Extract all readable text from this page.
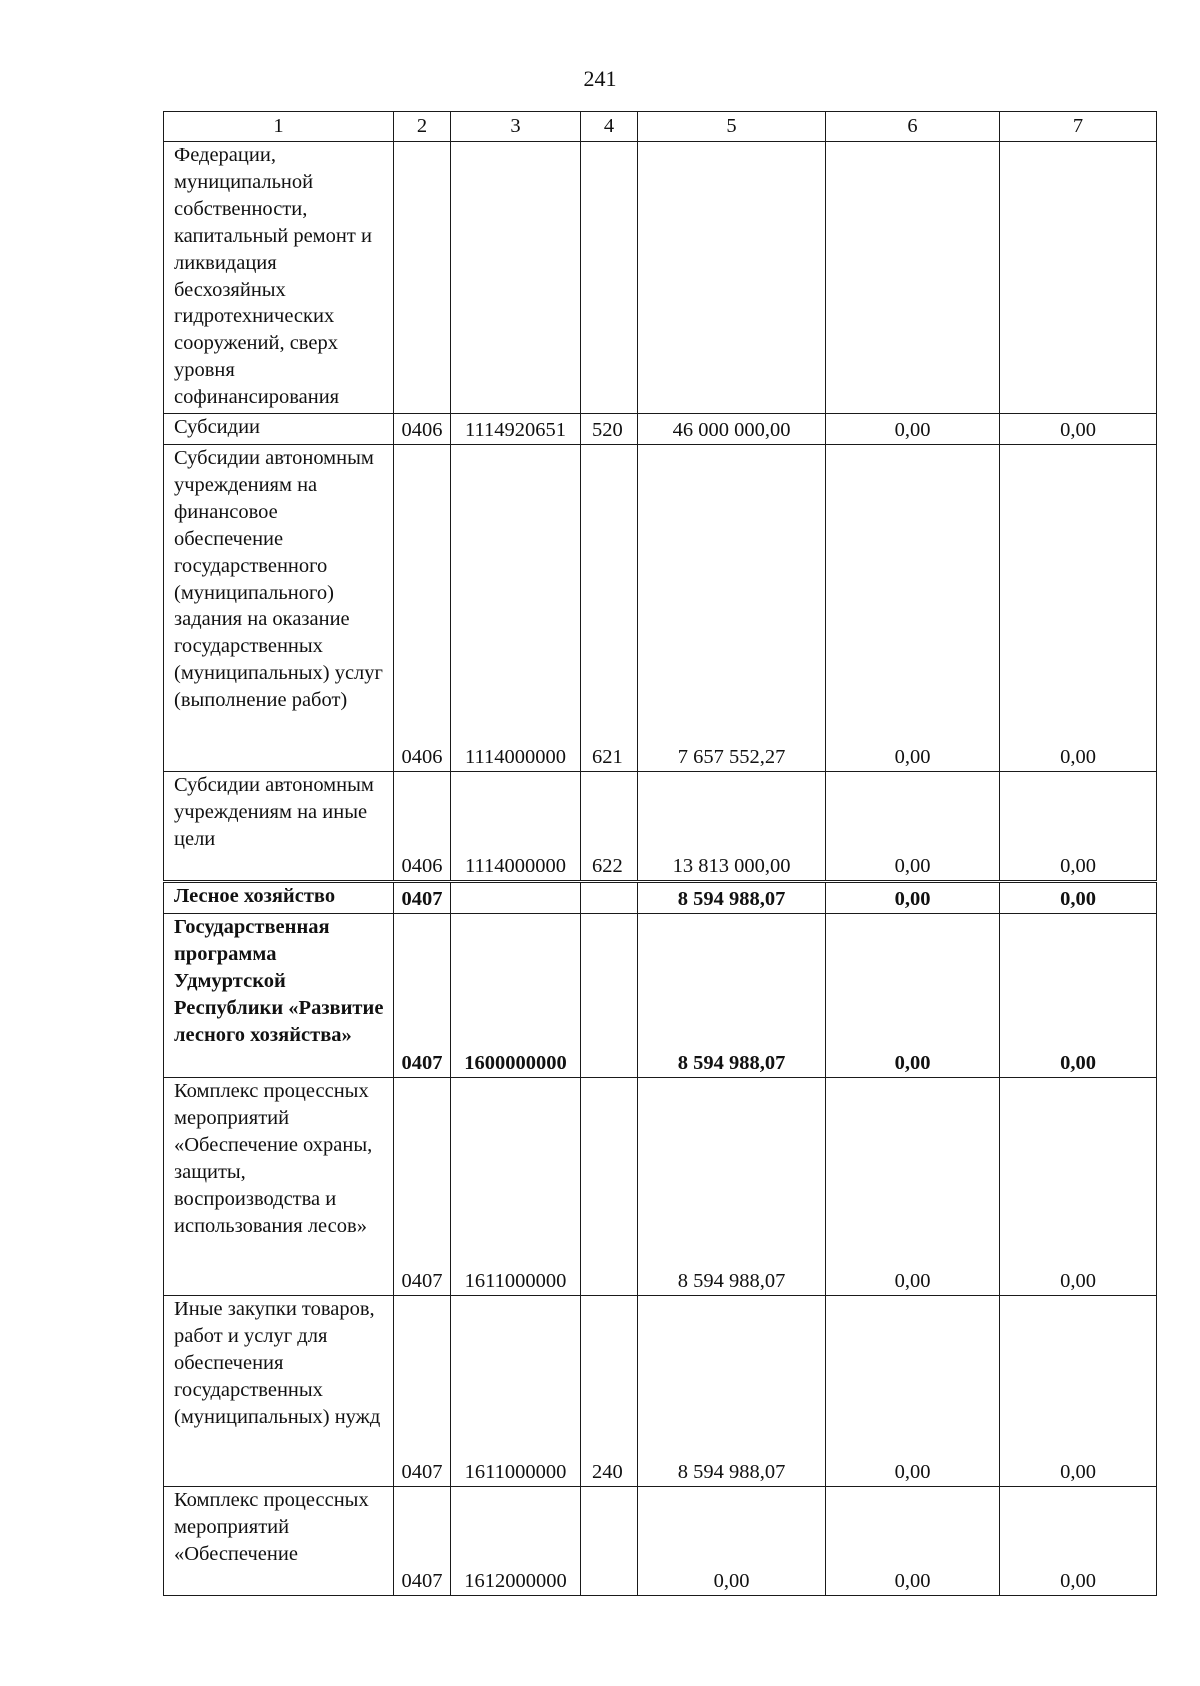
241
1	2	3	4	5	6	7
Федерации, муниципальной собственности, капитальный ремонт и ликвидация бесхозяйных гидротехнических сооружений, сверх уровня софинансирования						
Субсидии	0406	1114920651	520	46 000 000,00	0,00	0,00
Субсидии автономным учреждениям на финансовое обеспечение государственного (муниципального) задания на оказание государственных (муниципальных) услуг (выполнение работ)	0406	1114000000	621	7 657 552,27	0,00	0,00
Субсидии автономным учреждениям на иные цели	0406	1114000000	622	13 813 000,00	0,00	0,00
Лесное хозяйство	0407			8 594 988,07	0,00	0,00
Государственная программа Удмуртской Республики «Развитие лесного хозяйства»	0407	1600000000		8 594 988,07	0,00	0,00
Комплекс процессных мероприятий «Обеспечение охраны, защиты, воспроизводства и использования лесов»	0407	1611000000		8 594 988,07	0,00	0,00
Иные закупки товаров, работ и услуг для обеспечения государственных (муниципальных) нужд	0407	1611000000	240	8 594 988,07	0,00	0,00
Комплекс процессных мероприятий «Обеспечение	0407	1612000000		0,00	0,00	0,00
